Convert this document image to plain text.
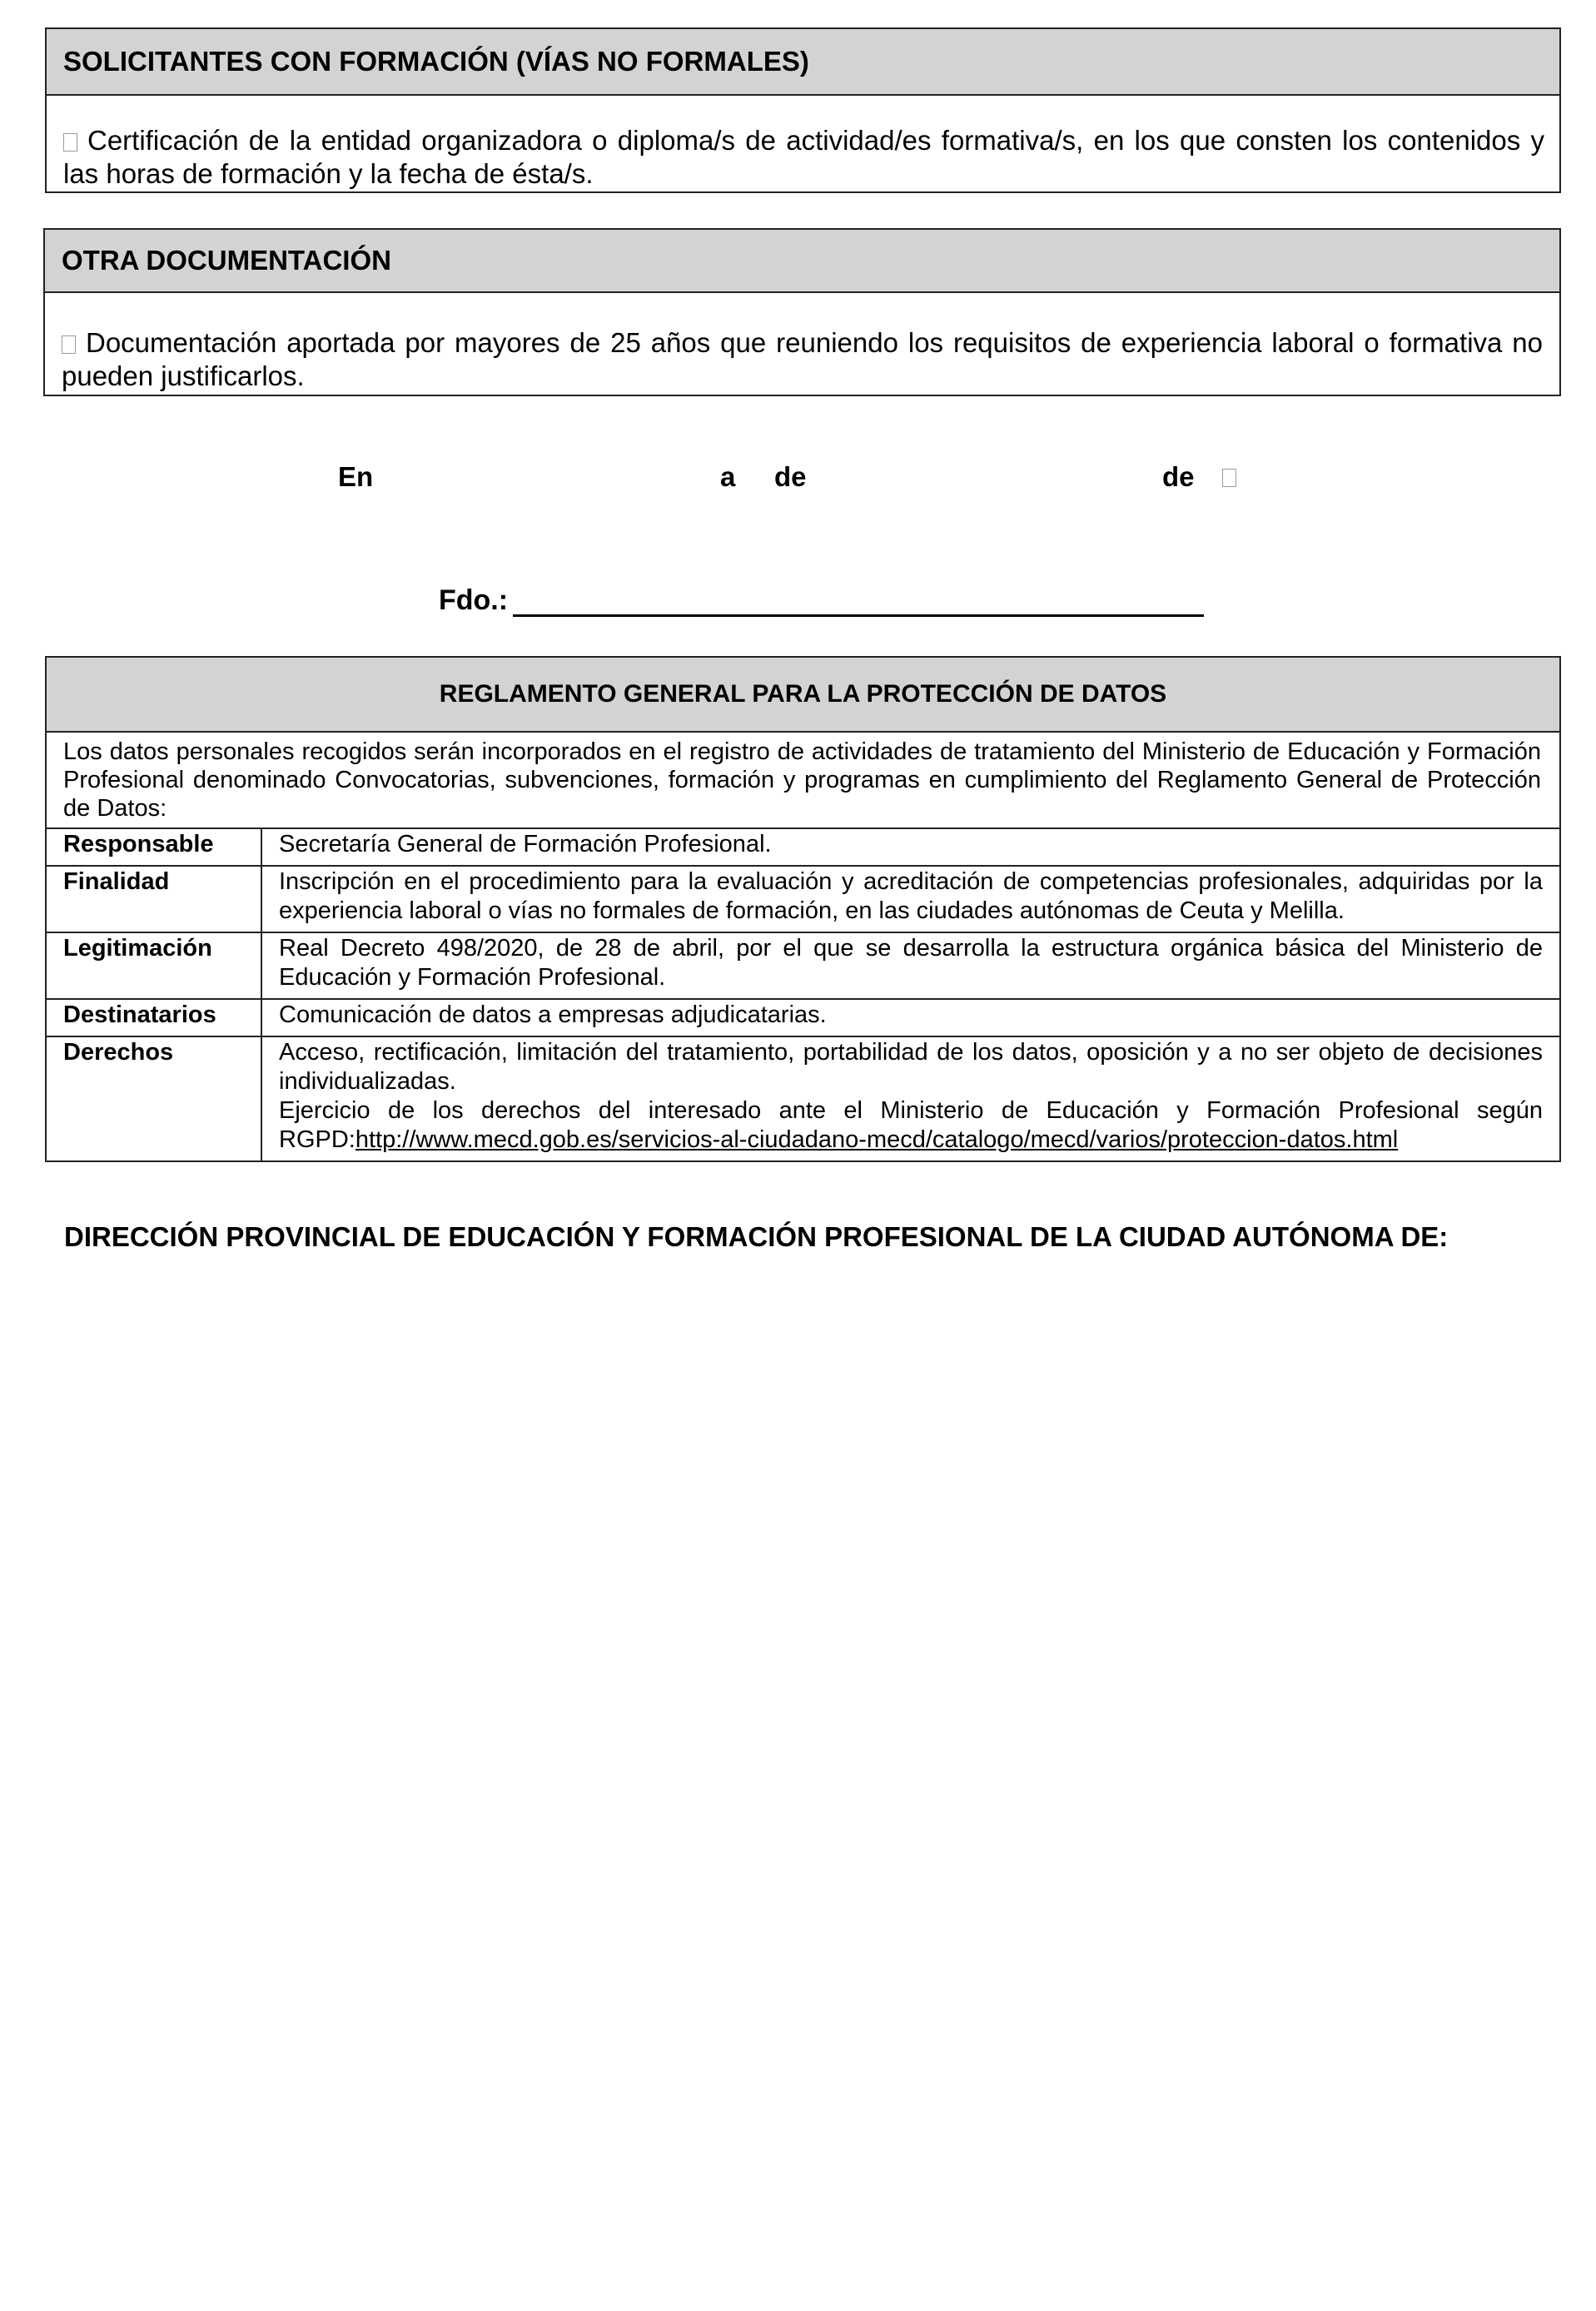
SOLICITANTES CON FORMACIÓN (VÍAS NO FORMALES)
Certificación de la entidad organizadora o diploma/s de actividad/es formativa/s, en los que consten los contenidos y las horas de formación y la fecha de ésta/s.
OTRA DOCUMENTACIÓN
Documentación aportada por mayores de 25 años que reuniendo los requisitos de experiencia laboral o formativa no pueden justificarlos.
En	a de	de
Fdo.:
REGLAMENTO GENERAL PARA LA PROTECCIÓN DE DATOS
Los datos personales recogidos serán incorporados en el registro de actividades de tratamiento del Ministerio de Educación y Formación Profesional denominado Convocatorias, subvenciones, formación y programas en cumplimiento del Reglamento General de Protección de Datos:
Responsable	Secretaría General de Formación Profesional.
Finalidad	Inscripción en el procedimiento para la evaluación y acreditación de competencias profesionales, adquiridas por la experiencia laboral o vías no formales de formación, en las ciudades autónomas de Ceuta y Melilla.
Legitimación	Real Decreto 498/2020, de 28 de abril, por el que se desarrolla la estructura orgánica básica del Ministerio de Educación y Formación Profesional.
Destinatarios	Comunicación de datos a empresas adjudicatarias.
Derechos	Acceso, rectificación, limitación del tratamiento, portabilidad de los datos, oposición y a no ser objeto de decisiones individualizadas.
Ejercicio de los derechos del interesado ante el Ministerio de Educación y Formación Profesional según RGPD:http://www.mecd.gob.es/servicios-al-ciudadano-mecd/catalogo/mecd/varios/proteccion-datos.html
DIRECCIÓN PROVINCIAL DE EDUCACIÓN Y FORMACIÓN PROFESIONAL DE LA CIUDAD AUTÓNOMA DE:
